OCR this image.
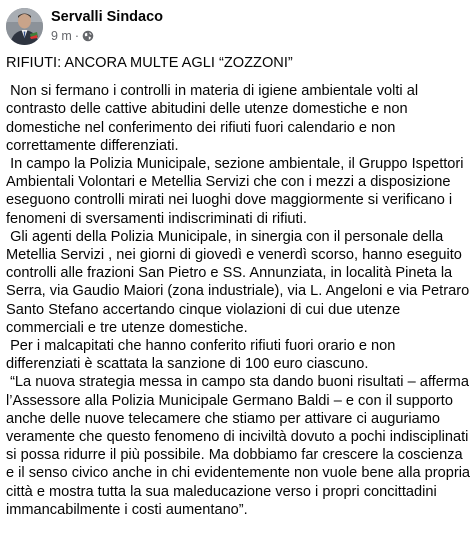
Servalli Sindaco
9 m ·

RIFIUTI: ANCORA MULTE AGLI “ZOZZONI”

Non si fermano i controlli in materia di igiene ambientale volti al contrasto delle cattive abitudini delle utenze domestiche e non domestiche nel conferimento dei rifiuti fuori calendario e non correttamente differenziati.

In campo la Polizia Municipale, sezione ambientale, il Gruppo Ispettori Ambientali Volontari e Metellia Servizi che con i mezzi a disposizione eseguono controlli mirati nei luoghi dove maggiormente si verificano i fenomeni di sversamenti indiscriminati di rifiuti.

Gli agenti della Polizia Municipale, in sinergia con il personale della Metellia Servizi , nei giorni di giovedì e venerdì scorso, hanno eseguito controlli alle frazioni San Pietro e SS. Annunziata, in località Pineta la Serra, via Gaudio Maiori (zona industriale), via L. Angeloni e via Petraro Santo Stefano accertando cinque violazioni di cui due utenze commerciali e tre utenze domestiche.

Per i malcapitati che hanno conferito rifiuti fuori orario e non differenziati è scattata la sanzione di 100 euro ciascuno.

“La nuova strategia messa in campo sta dando buoni risultati – afferma l’Assessore alla Polizia Municipale Germano Baldi – e con il supporto anche delle nuove telecamere che stiamo per attivare ci auguriamo veramente che questo fenomeno di inciviltà dovuto a pochi indisciplinati si possa ridurre il più possibile. Ma dobbiamo far crescere la coscienza e il senso civico anche in chi evidentemente non vuole bene alla propria città e mostra tutta la sua maleducazione verso i propri concittadini immancabilmente i costi aumentano”.
